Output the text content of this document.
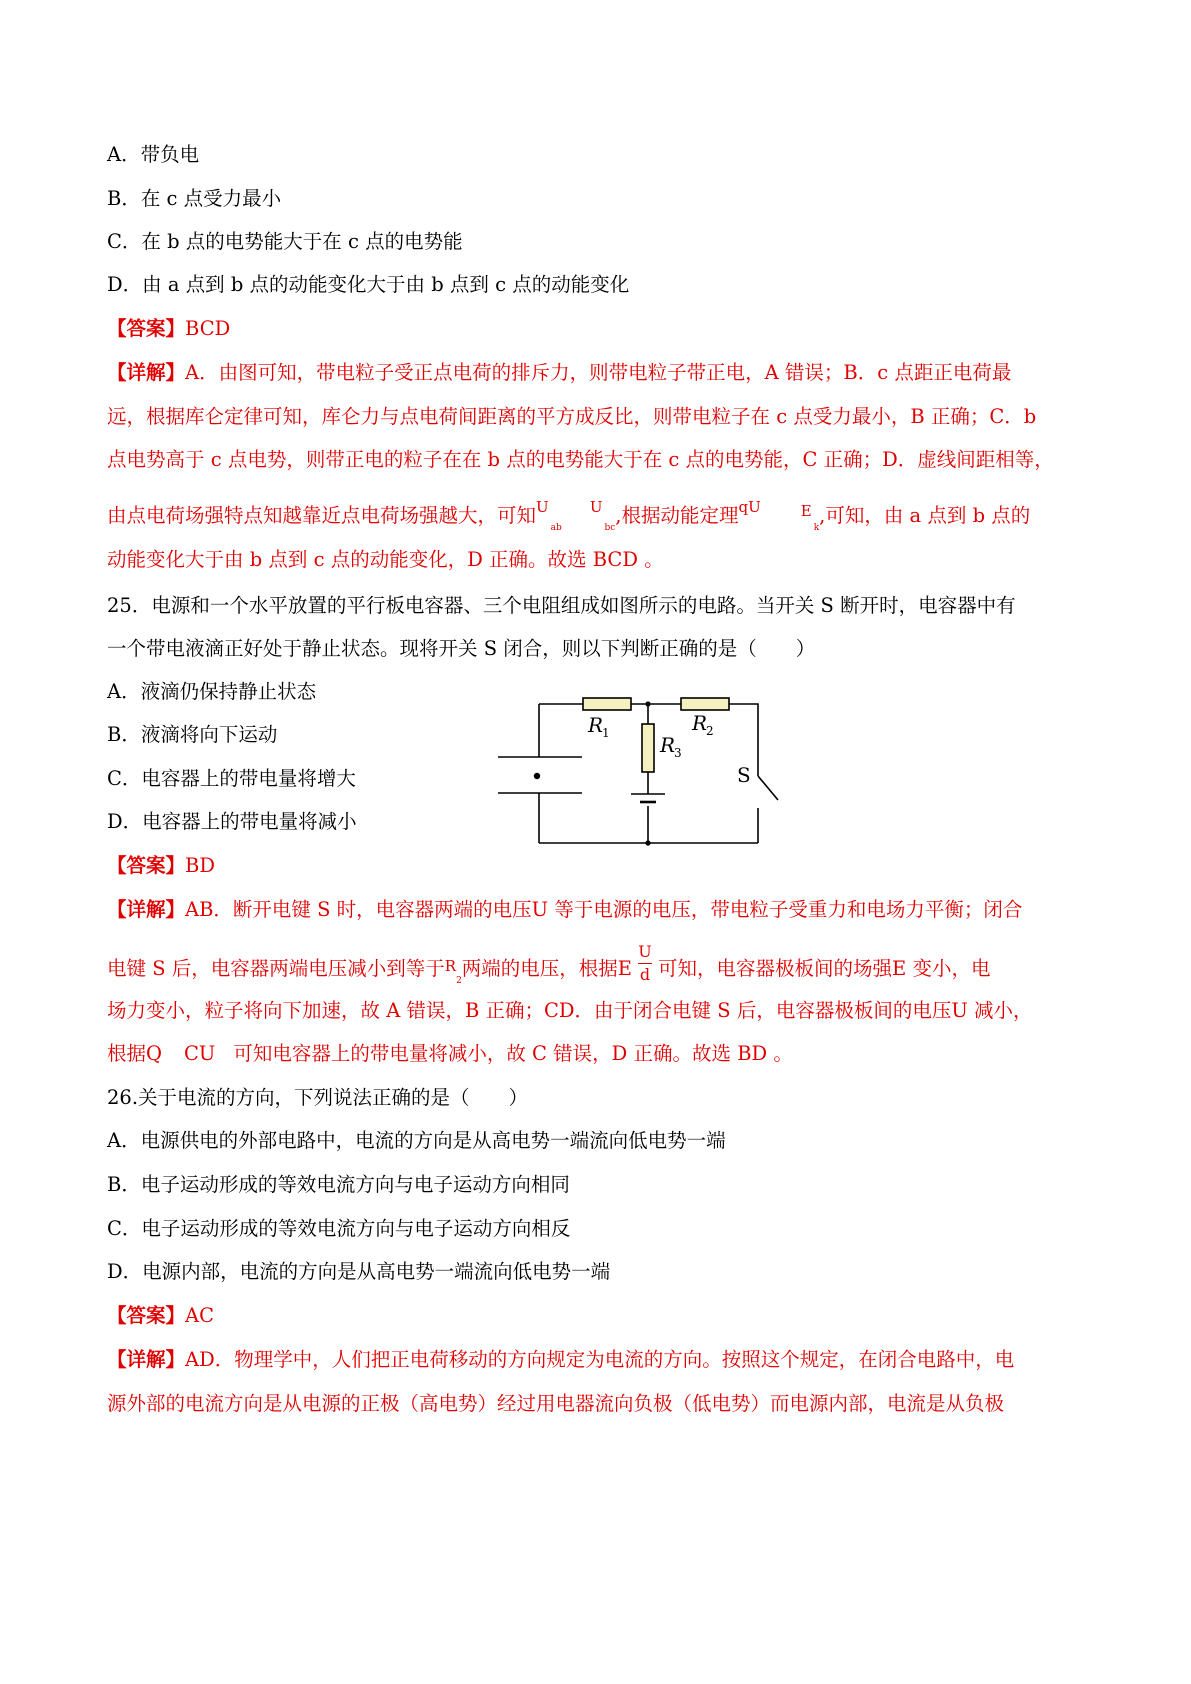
A．带负电
B．在 c 点受力最小
C．在 b 点的电势能大于在 c 点的电势能
D．由 a 点到 b 点的动能变化大于由 b 点到 c 点的动能变化
【答案】BCD
【详解】A．由图可知，带电粒子受正点电荷的排斥力，则带电粒子带正电，A 错误；B．c 点距正电荷最
远，根据库仑定律可知，库仑力与点电荷间距离的平方成反比，则带电粒子在 c 点受力最小，B 正确；C．b
点电势高于 c 点电势，则带正电的粒子在在 b 点的电势能大于在 c 点的电势能，C 正确；D．虚线间距相等，
由点电荷场强特点知越靠近点电荷场强越大，可知$^U_{ab}^U_{bc}$,根据动能定理$^{qU}$	$^E_k$,可知，由 a 点到 b 点的
动能变化大于由 b 点到 c 点的动能变化，D 正确。故选 BCD 。
25．电源和一个水平放置的平行板电容器、三个电阻组成如图所示的电路。当开关 S 断开时，电容器中有
一个带电液滴正好处于静止状态。现将开关 S 闭合，则以下判断正确的是（　　）
A．液滴仍保持静止状态
B．液滴将向下运动
C．电容器上的带电量将增大
D．电容器上的带电量将减小
R
1	R
2
R
3
S
【答案】BD
【详解】AB．断开电键 S 时，电容器两端的电压U 等于电源的电压，带电粒子受重力和电场力平衡；闭合
电键 S 后，电容器两端电压减小到等于$^R_2$两端的电压，根据E $\frac{U}{d}$ 可知，电容器极板间的场强E 变小，电
场力变小，粒子将向下加速，故 A 错误，B 正确；CD．由于闭合电键 S 后，电容器极板间的电压U 减小，
根据Q CU 可知电容器上的带电量将减小，故 C 错误，D 正确。故选 BD 。
26.关于电流的方向，下列说法正确的是（　　）
A．电源供电的外部电路中，电流的方向是从高电势一端流向低电势一端
B．电子运动形成的等效电流方向与电子运动方向相同
C．电子运动形成的等效电流方向与电子运动方向相反
D．电源内部，电流的方向是从高电势一端流向低电势一端
【答案】AC
【详解】AD．物理学中，人们把正电荷移动的方向规定为电流的方向。按照这个规定，在闭合电路中，电
源外部的电流方向是从电源的正极（高电势）经过用电器流向负极（低电势）而电源内部，电流是从负极
